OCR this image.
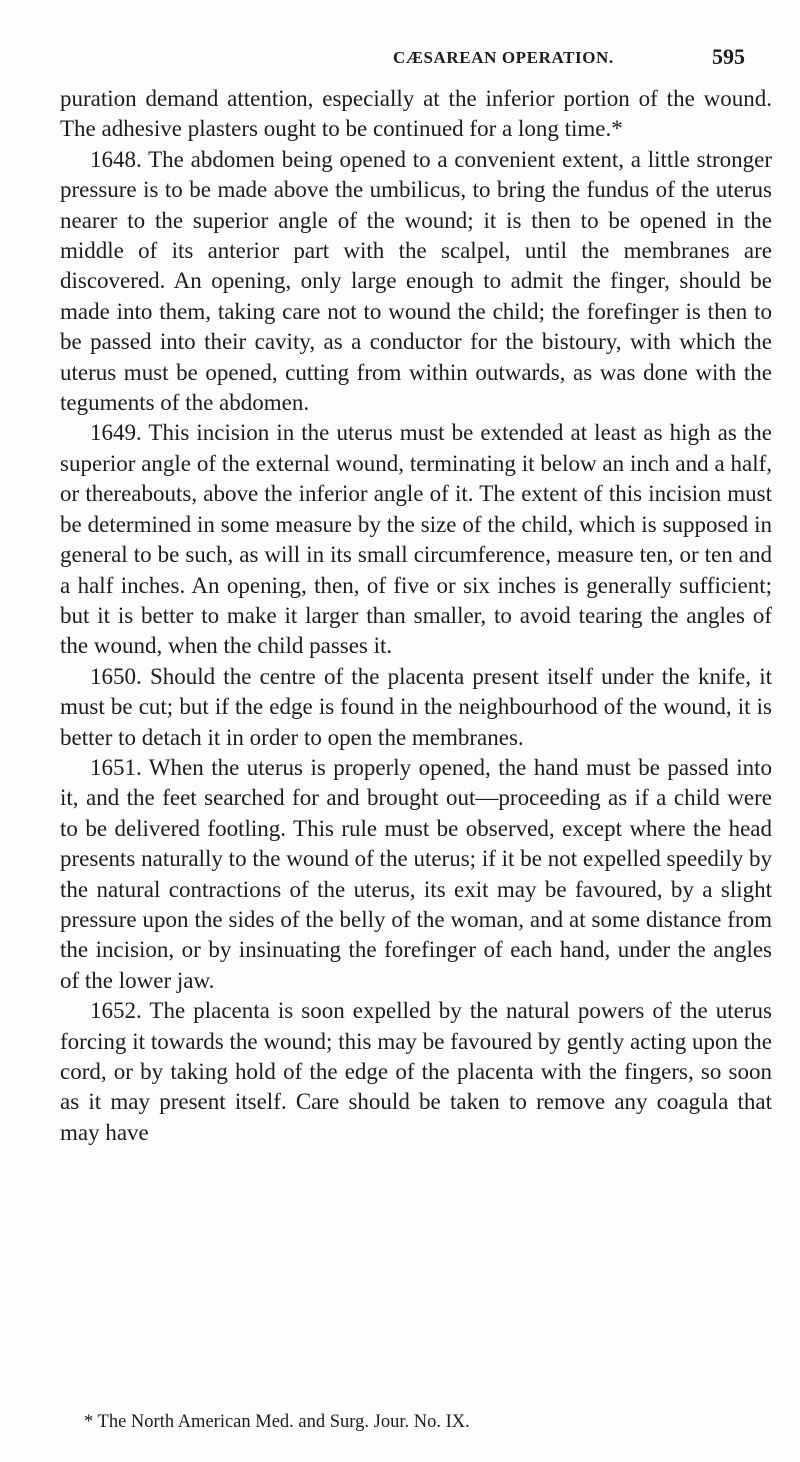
CÆSAREAN OPERATION.	595

puration demand attention, especially at the inferior portion of the wound. The adhesive plasters ought to be continued for a long time.*

1648. The abdomen being opened to a convenient extent, a little stronger pressure is to be made above the umbilicus, to bring the fundus of the uterus nearer to the superior angle of the wound; it is then to be opened in the middle of its anterior part with the scalpel, until the membranes are discovered. An opening, only large enough to admit the finger, should be made into them, taking care not to wound the child; the forefinger is then to be passed into their cavity, as a conductor for the bistoury, with which the uterus must be opened, cutting from within outwards, as was done with the teguments of the abdomen.

1649. This incision in the uterus must be extended at least as high as the superior angle of the external wound, terminating it below an inch and a half, or thereabouts, above the inferior angle of it. The extent of this incision must be determined in some measure by the size of the child, which is supposed in general to be such, as will in its small circumference, measure ten, or ten and a half inches. An opening, then, of five or six inches is generally sufficient; but it is better to make it larger than smaller, to avoid tearing the angles of the wound, when the child passes it.

1650. Should the centre of the placenta present itself under the knife, it must be cut; but if the edge is found in the neighbourhood of the wound, it is better to detach it in order to open the membranes.

1651. When the uterus is properly opened, the hand must be passed into it, and the feet searched for and brought out—proceeding as if a child were to be delivered footling. This rule must be observed, except where the head presents naturally to the wound of the uterus; if it be not expelled speedily by the natural contractions of the uterus, its exit may be favoured, by a slight pressure upon the sides of the belly of the woman, and at some distance from the incision, or by insinuating the forefinger of each hand, under the angles of the lower jaw.

1652. The placenta is soon expelled by the natural powers of the uterus forcing it towards the wound; this may be favoured by gently acting upon the cord, or by taking hold of the edge of the placenta with the fingers, so soon as it may present itself. Care should be taken to remove any coagula that may have

* The North American Med. and Surg. Jour. No. IX.
